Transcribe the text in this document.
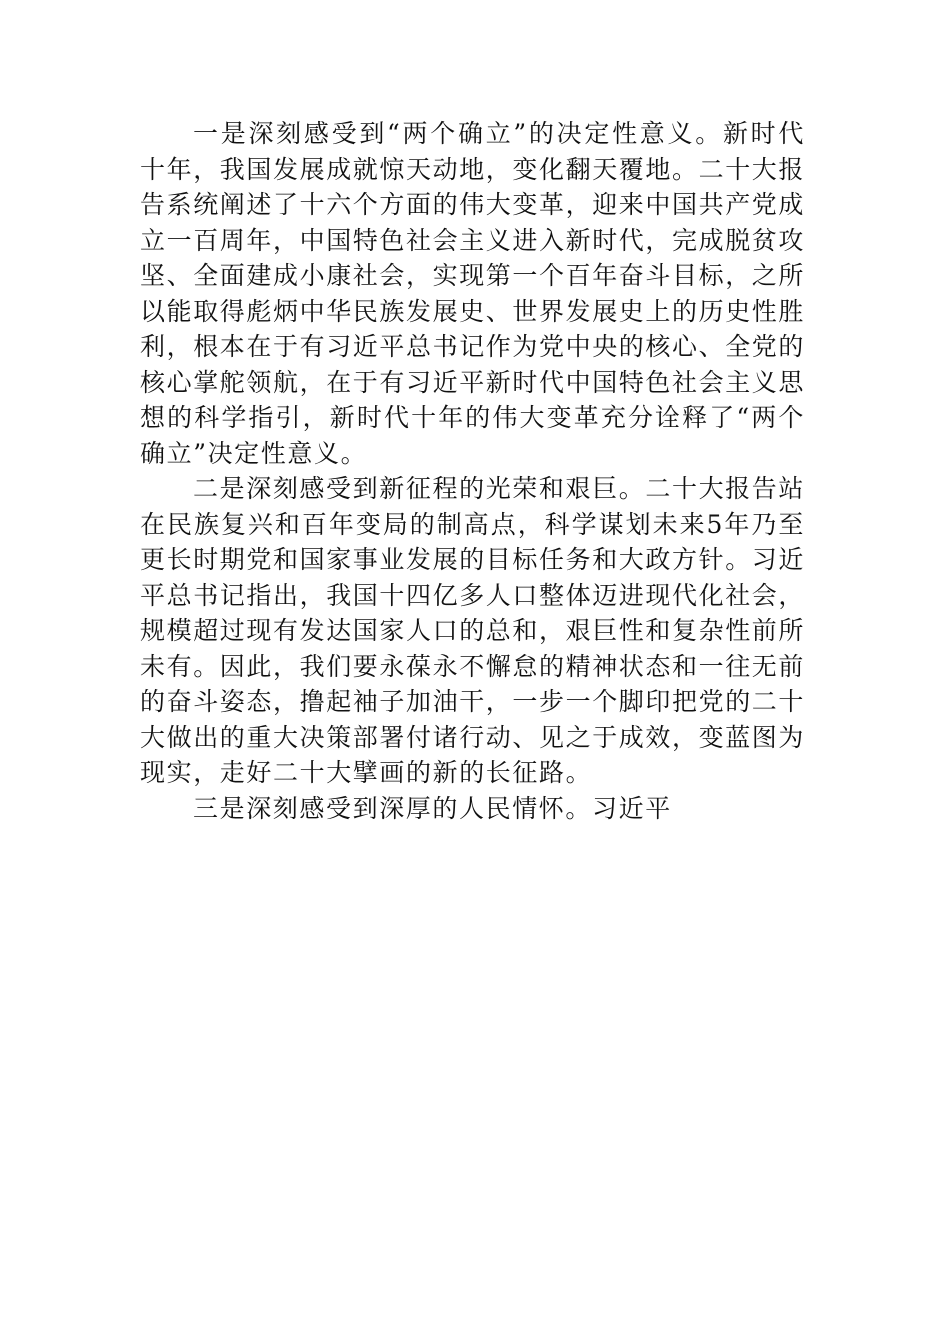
一是深刻感受到“两个确立”的决定性意义。新时代十年，我国发展成就惊天动地，变化翻天覆地。二十大报告系统阐述了十六个方面的伟大变革，迎来中国共产党成立一百周年，中国特色社会主义进入新时代，完成脱贫攻坚、全面建成小康社会，实现第一个百年奋斗目标，之所以能取得彪炳中华民族发展史、世界发展史上的历史性胜利，根本在于有习近平总书记作为党中央的核心、全党的核心掌舵领航，在于有习近平新时代中国特色社会主义思想的科学指引，新时代十年的伟大变革充分诠释了“两个确立”决定性意义。

二是深刻感受到新征程的光荣和艰巨。二十大报告站在民族复兴和百年变局的制高点，科学谋划未来5年乃至更长时期党和国家事业发展的目标任务和大政方针。习近平总书记指出，我国十四亿多人口整体迈进现代化社会，规模超过现有发达国家人口的总和，艰巨性和复杂性前所未有。因此，我们要永葆永不懈怠的精神状态和一往无前的奋斗姿态，撸起袖子加油干，一步一个脚印把党的二十大做出的重大决策部署付诸行动、见之于成效，变蓝图为现实，走好二十大擘画的新的长征路。

三是深刻感受到深厚的人民情怀。习近平
